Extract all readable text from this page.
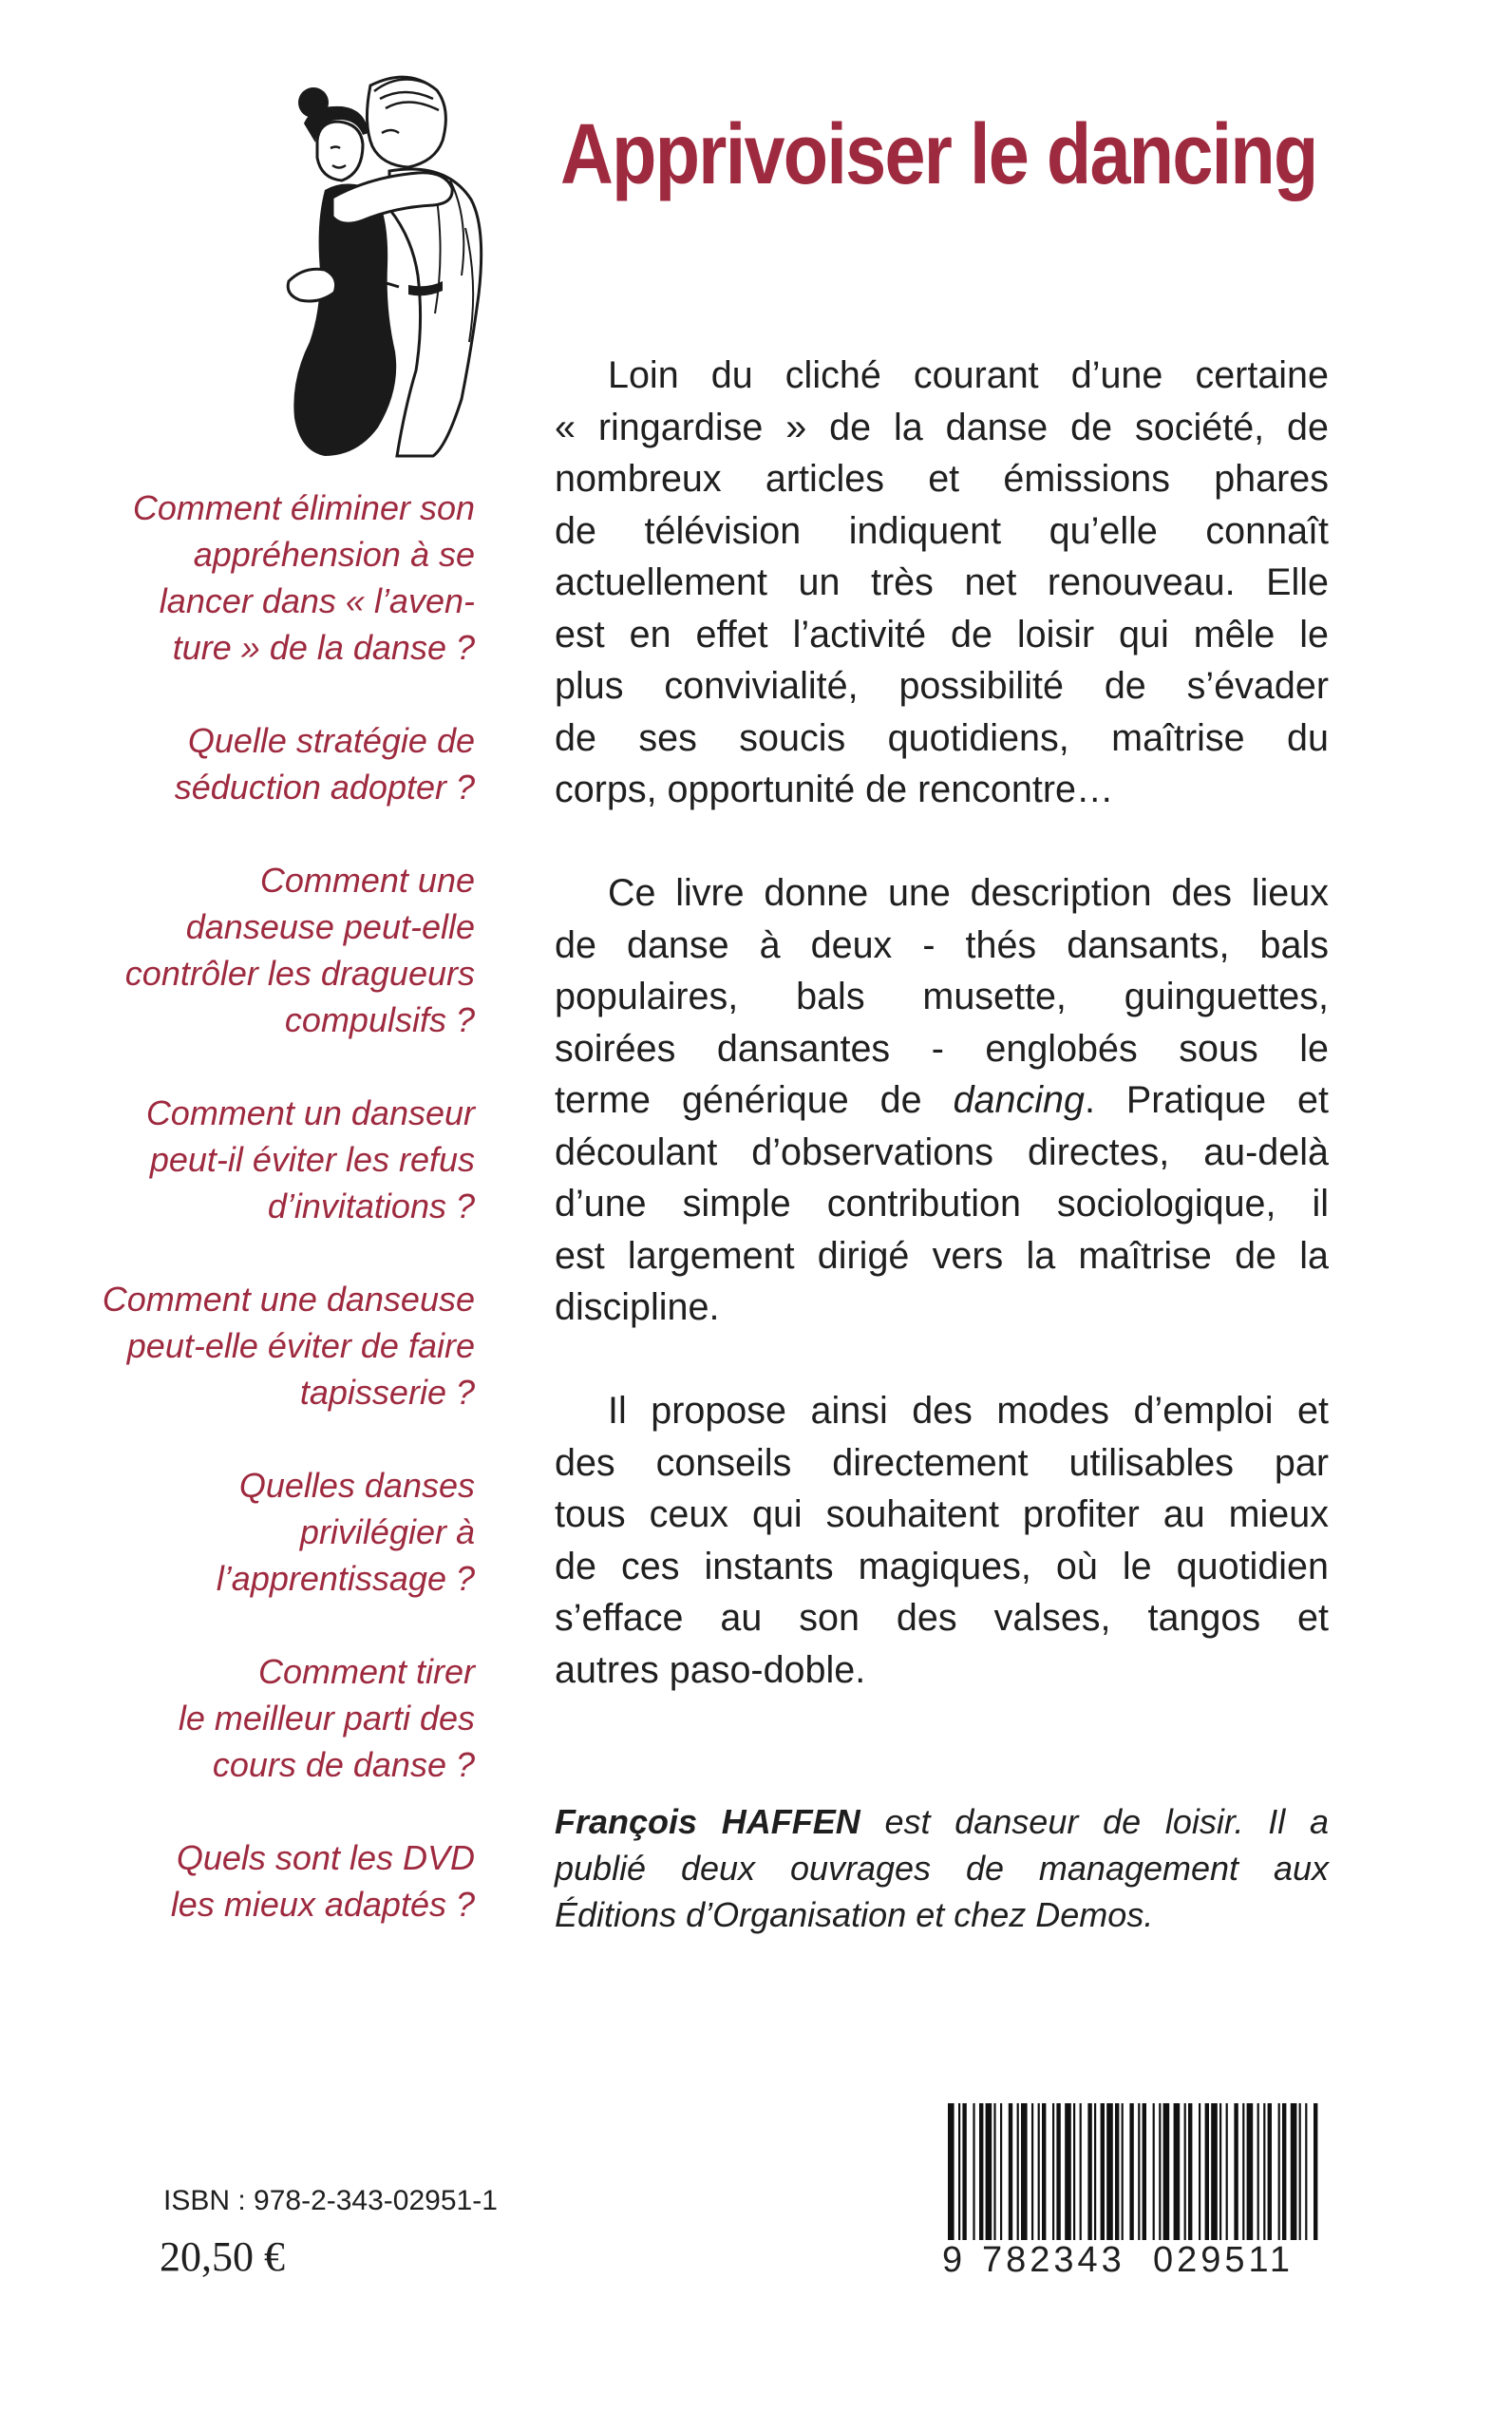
Apprivoiser le dancing
Comment éliminer son
appréhension à se
lancer dans « l’aven-
ture » de la danse ?
Quelle stratégie de
séduction adopter ?
Comment une
danseuse peut-elle
contrôler les dragueurs
compulsifs ?
Comment un danseur
peut-il éviter les refus
d’invitations ?
Comment une danseuse
peut-elle éviter de faire
tapisserie ?
Quelles danses
privilégier à
l’apprentissage ?
Comment tirer
le meilleur parti des
cours de danse ?
Quels sont les DVD
les mieux adaptés ?

Loin du cliché courant d’une certaine
« ringardise » de la danse de société, de
nombreux articles et émissions phares
de télévision indiquent qu’elle connaît
actuellement un très net renouveau. Elle
est en effet l’activité de loisir qui mêle le
plus convivialité, possibilité de s’évader
de ses soucis quotidiens, maîtrise du
corps, opportunité de rencontre…

Ce livre donne une description des lieux
de danse à deux - thés dansants, bals
populaires, bals musette, guinguettes,
soirées dansantes - englobés sous le
terme générique de dancing. Pratique et
découlant d’observations directes, au-delà
d’une simple contribution sociologique, il
est largement dirigé vers la maîtrise de la
discipline.

Il propose ainsi des modes d’emploi et
des conseils directement utilisables par
tous ceux qui souhaitent profiter au mieux
de ces instants magiques, où le quotidien
s’efface au son des valses, tangos et
autres paso-doble.

François HAFFEN est danseur de loisir. Il a
publié deux ouvrages de management aux
Éditions d’Organisation et chez Demos.
ISBN : 978-2-343-02951-1
20,50 €	9 782343 029511
